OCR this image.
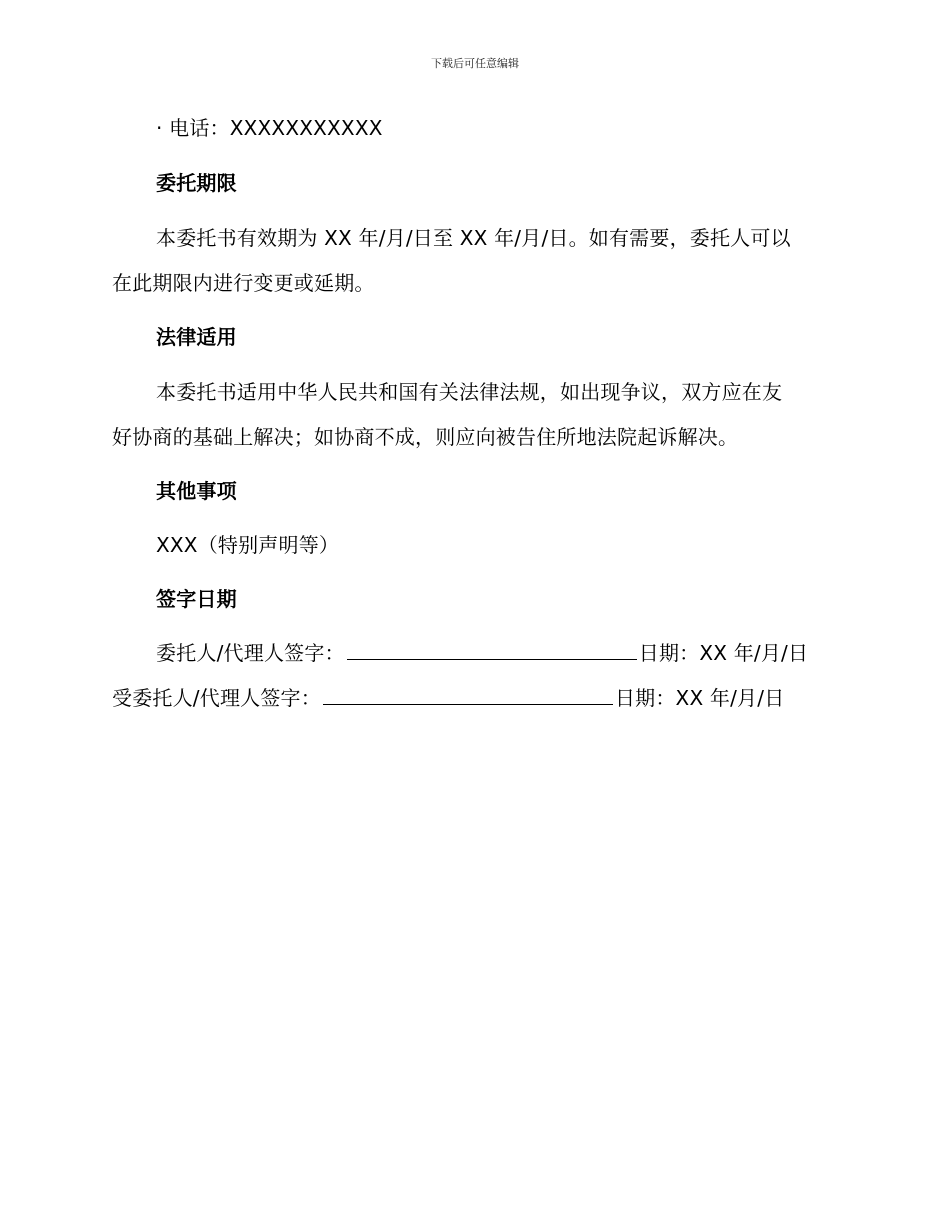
下载后可任意编辑
· 电话：XXXXXXXXXXX
委托期限
本委托书有效期为 XX 年/月/日至 XX 年/月/日。如有需要，委托人可以
在此期限内进行变更或延期。
法律适用
本委托书适用中华人民共和国有关法律法规，如出现争议，双方应在友
好协商的基础上解决；如协商不成，则应向被告住所地法院起诉解决。
其他事项
XXX（特别声明等）
签字日期
委托人/代理人签字：	日期：XX 年/月/日
受委托人/代理人签字：	日期：XX 年/月/日
